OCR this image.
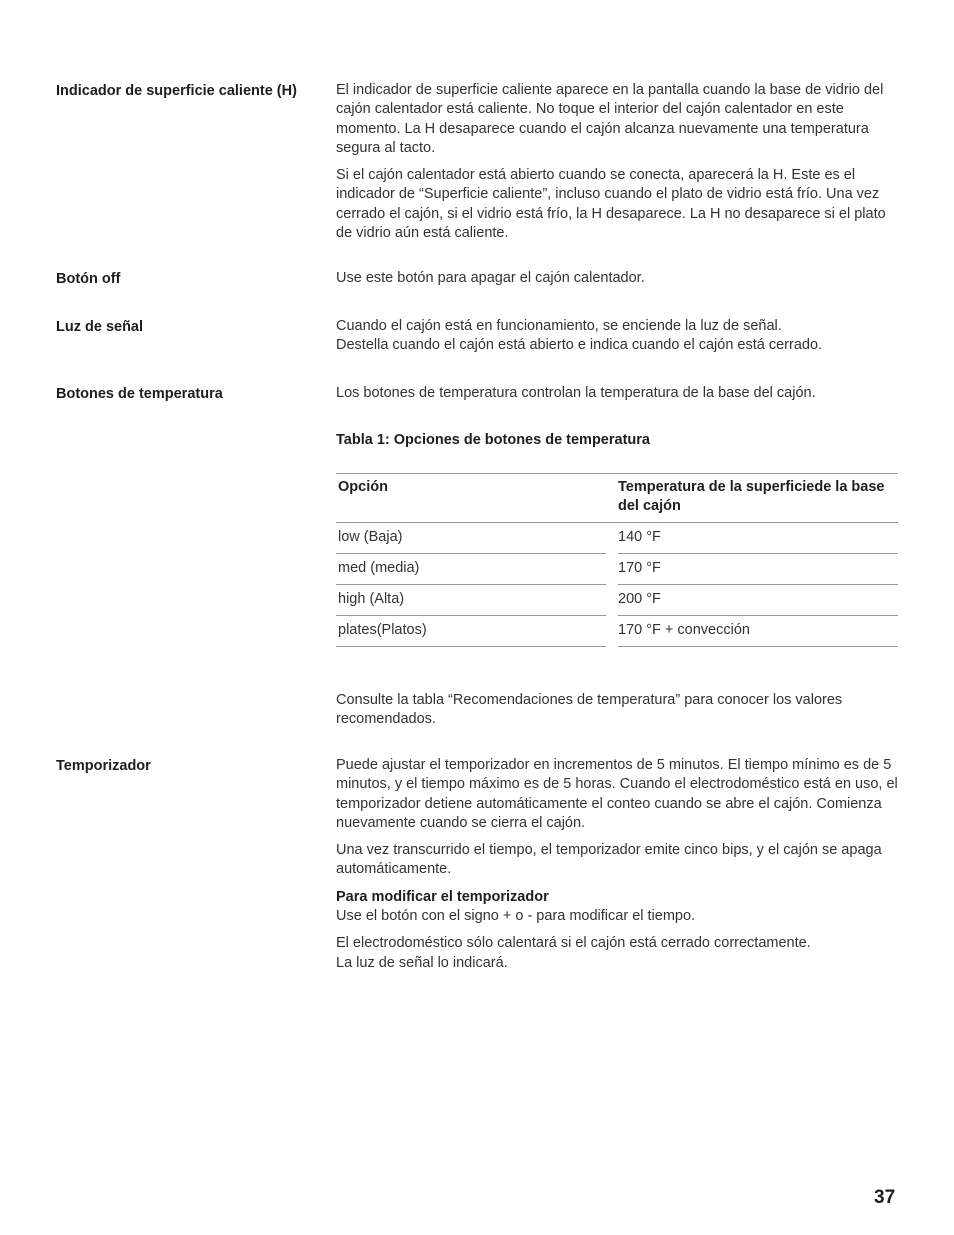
Indicador de superficie caliente (H)	El indicador de superficie caliente aparece en la pantalla cuando la base de vidrio del cajón calentador está caliente. No toque el interior del cajón calentador en este momento. La H desaparece cuando el cajón alcanza nuevamente una temperatura segura al tacto.

Si el cajón calentador está abierto cuando se conecta, aparecerá la H. Este es el indicador de “Superficie caliente”, incluso cuando el plato de vidrio está frío. Una vez cerrado el cajón, si el vidrio está frío, la H desaparece. La H no desaparece si el plato de vidrio aún está caliente.

Botón off	Use este botón para apagar el cajón calentador.

Luz de señal	Cuando el cajón está en funcionamiento, se enciende la luz de señal.
Destella cuando el cajón está abierto e indica cuando el cajón está cerrado.
Botones de temperatura	Los botones de temperatura controlan la temperatura de la base del cajón.

Tabla 1: Opciones de botones de temperatura
Opción	Temperatura de la superficiede la base del cajón
low (Baja)	140 °F
med (media)	170 °F
high (Alta)	200 °F
plates(Platos)	170 °F + convección

Consulte la tabla “Recomendaciones de temperatura” para conocer los valores recomendados.

Temporizador	Puede ajustar el temporizador en incrementos de 5 minutos. El tiempo mínimo es de 5 minutos, y el tiempo máximo es de 5 horas. Cuando el electrodoméstico está en uso, el temporizador detiene automáticamente el conteo cuando se abre el cajón. Comienza nuevamente cuando se cierra el cajón.

Una vez transcurrido el tiempo, el temporizador emite cinco bips, y el cajón se apaga automáticamente.

Para modificar el temporizador

Use el botón con el signo + o - para modificar el tiempo.

El electrodoméstico sólo calentará si el cajón está cerrado correctamente.
La luz de señal lo indicará.
37
